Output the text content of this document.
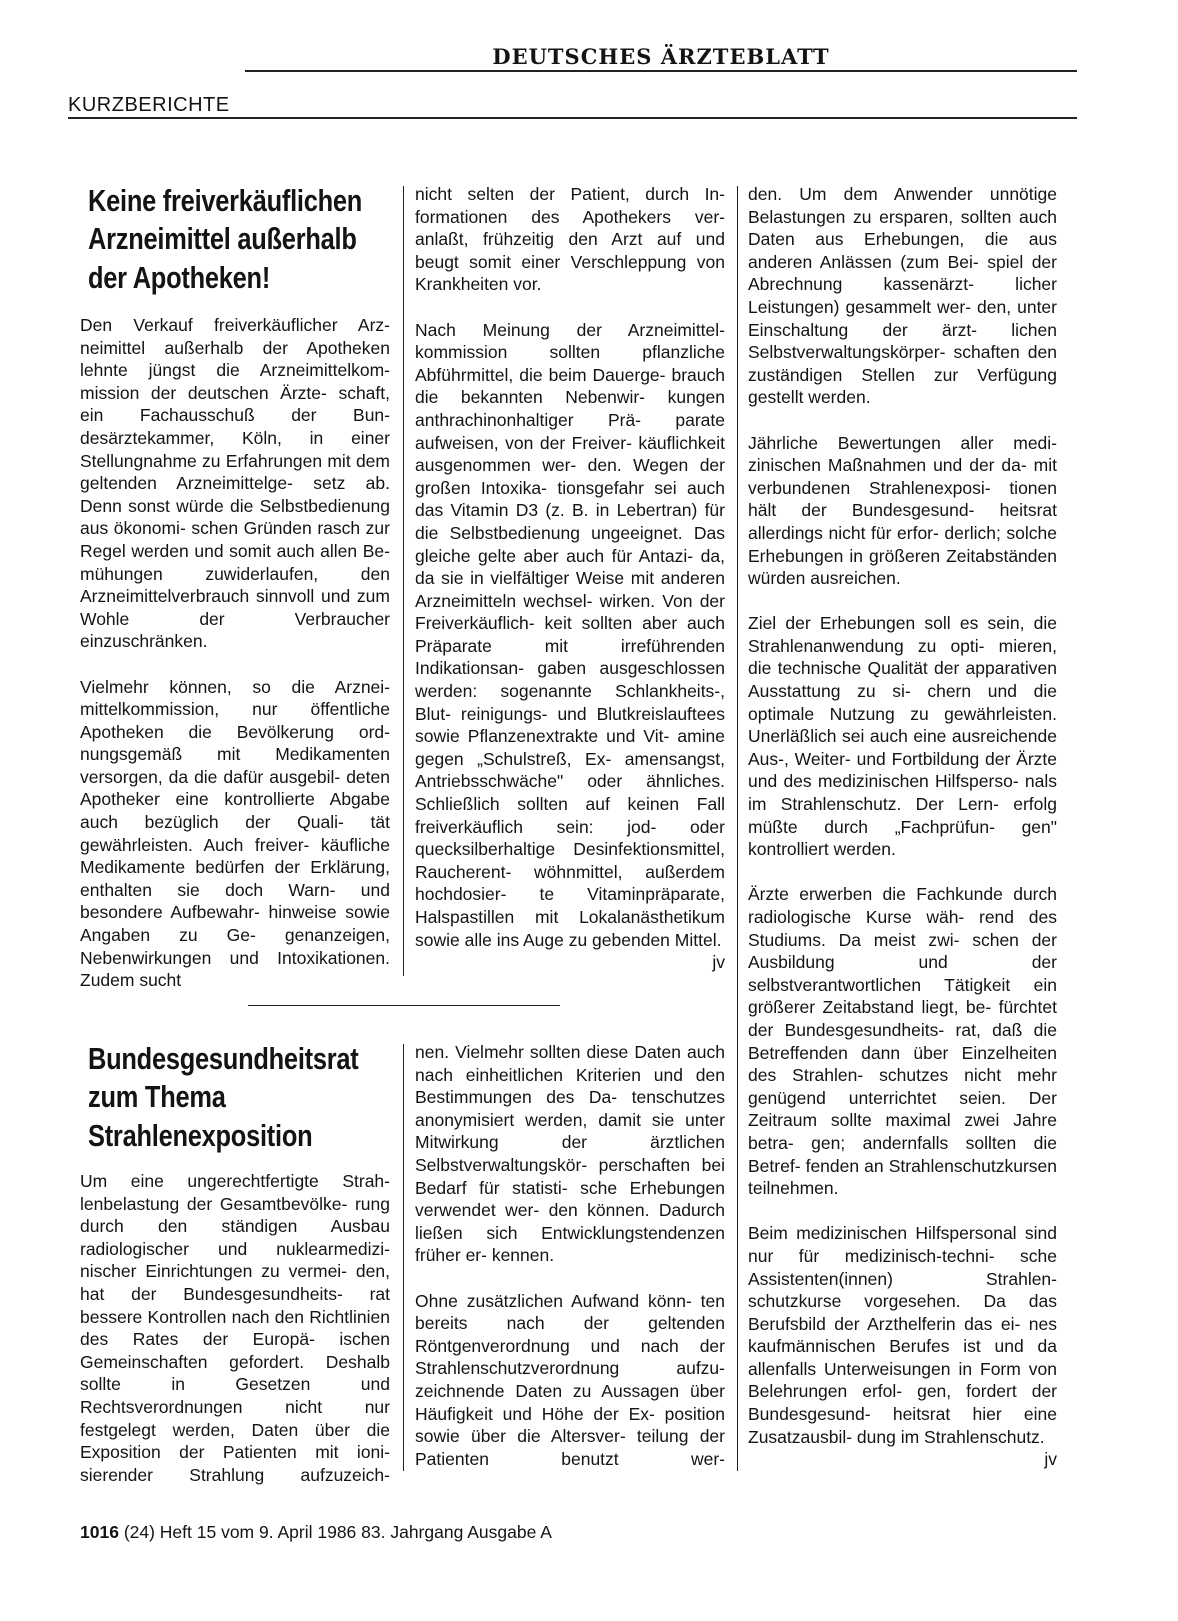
DEUTSCHES ÄRZTEBLATT
KURZBERICHTE
Keine freiverkäuflichen Arzneimittel außerhalb der Apotheken!

Den Verkauf freiverkäuflicher Arz- neimittel außerhalb der Apotheken lehnte jüngst die Arzneimittelkom- mission der deutschen Ärzte- schaft, ein Fachausschuß der Bun- desärztekammer, Köln, in einer Stellungnahme zu Erfahrungen mit dem geltenden Arzneimittelge- setz ab. Denn sonst würde die Selbstbedienung aus ökonomi- schen Gründen rasch zur Regel werden und somit auch allen Be- mühungen zuwiderlaufen, den Arzneimittelverbrauch sinnvoll und zum Wohle der Verbraucher einzuschränken.

Vielmehr können, so die Arznei- mittelkommission, nur öffentliche Apotheken die Bevölkerung ord- nungsgemäß mit Medikamenten versorgen, da die dafür ausgebil- deten Apotheker eine kontrollierte Abgabe auch bezüglich der Quali- tät gewährleisten. Auch freiver- käufliche Medikamente bedürfen der Erklärung, enthalten sie doch Warn- und besondere Aufbewahr- hinweise sowie Angaben zu Ge- genanzeigen, Nebenwirkungen und Intoxikationen. Zudem sucht

nicht selten der Patient, durch In- formationen des Apothekers ver- anlaßt, frühzeitig den Arzt auf und beugt somit einer Verschleppung von Krankheiten vor.

Nach Meinung der Arzneimittel- kommission sollten pflanzliche Abführmittel, die beim Dauerge- brauch die bekannten Nebenwir- kungen anthrachinonhaltiger Prä- parate aufweisen, von der Freiver- käuflichkeit ausgenommen wer- den. Wegen der großen Intoxika- tionsgefahr sei auch das Vitamin D3 (z. B. in Lebertran) für die Selbstbedienung ungeeignet. Das gleiche gelte aber auch für Antazi- da, da sie in vielfältiger Weise mit anderen Arzneimitteln wechsel- wirken. Von der Freiverkäuflich- keit sollten aber auch Präparate mit irreführenden Indikationsan- gaben ausgeschlossen werden: sogenannte Schlankheits-, Blut- reinigungs- und Blutkreislauftees sowie Pflanzenextrakte und Vit- amine gegen „Schulstreß, Ex- amensangst, Antriebsschwäche" oder ähnliches. Schließlich sollten auf keinen Fall freiverkäuflich sein: jod- oder quecksilberhaltige Desinfektionsmittel, Raucherent- wöhnmittel, außerdem hochdosier- te Vitaminpräparate, Halspastillen mit Lokalanästhetikum sowie alle ins Auge zu gebenden Mittel.
jv

Bundesgesundheitsrat zum Thema Strahlenexposition

Um eine ungerechtfertigte Strah- lenbelastung der Gesamtbevölke- rung durch den ständigen Ausbau radiologischer und nuklearmedizi- nischer Einrichtungen zu vermei- den, hat der Bundesgesundheits- rat bessere Kontrollen nach den Richtlinien des Rates der Europä- ischen Gemeinschaften gefordert. Deshalb sollte in Gesetzen und Rechtsverordnungen nicht nur festgelegt werden, Daten über die Exposition der Patienten mit ioni- sierender Strahlung aufzuzeich-

nen. Vielmehr sollten diese Daten auch nach einheitlichen Kriterien und den Bestimmungen des Da- tenschutzes anonymisiert werden, damit sie unter Mitwirkung der ärztlichen Selbstverwaltungskör- perschaften bei Bedarf für statisti- sche Erhebungen verwendet wer- den können. Dadurch ließen sich Entwicklungstendenzen früher er- kennen.

Ohne zusätzlichen Aufwand könn- ten bereits nach der geltenden Röntgenverordnung und nach der Strahlenschutzverordnung aufzu- zeichnende Daten zu Aussagen über Häufigkeit und Höhe der Ex- position sowie über die Altersver- teilung der Patienten benutzt wer-

den. Um dem Anwender unnötige Belastungen zu ersparen, sollten auch Daten aus Erhebungen, die aus anderen Anlässen (zum Bei- spiel der Abrechnung kassenärzt- licher Leistungen) gesammelt wer- den, unter Einschaltung der ärzt- lichen Selbstverwaltungskörper- schaften den zuständigen Stellen zur Verfügung gestellt werden.

Jährliche Bewertungen aller medi- zinischen Maßnahmen und der da- mit verbundenen Strahlenexposi- tionen hält der Bundesgesund- heitsrat allerdings nicht für erfor- derlich; solche Erhebungen in größeren Zeitabständen würden ausreichen.

Ziel der Erhebungen soll es sein, die Strahlenanwendung zu opti- mieren, die technische Qualität der apparativen Ausstattung zu si- chern und die optimale Nutzung zu gewährleisten. Unerläßlich sei auch eine ausreichende Aus-, Weiter- und Fortbildung der Ärzte und des medizinischen Hilfsperso- nals im Strahlenschutz. Der Lern- erfolg müßte durch „Fachprüfun- gen" kontrolliert werden.

Ärzte erwerben die Fachkunde durch radiologische Kurse wäh- rend des Studiums. Da meist zwi- schen der Ausbildung und der selbstverantwortlichen Tätigkeit ein größerer Zeitabstand liegt, be- fürchtet der Bundesgesundheits- rat, daß die Betreffenden dann über Einzelheiten des Strahlen- schutzes nicht mehr genügend unterrichtet seien. Der Zeitraum sollte maximal zwei Jahre betra- gen; andernfalls sollten die Betref- fenden an Strahlenschutzkursen teilnehmen.

Beim medizinischen Hilfspersonal sind nur für medizinisch-techni- sche Assistenten(innen) Strahlen- schutzkurse vorgesehen. Da das Berufsbild der Arzthelferin das ei- nes kaufmännischen Berufes ist und da allenfalls Unterweisungen in Form von Belehrungen erfol- gen, fordert der Bundesgesund- heitsrat hier eine Zusatzausbil- dung im Strahlenschutz.
jv

1016 (24) Heft 15 vom 9. April 1986 83. Jahrgang Ausgabe A
